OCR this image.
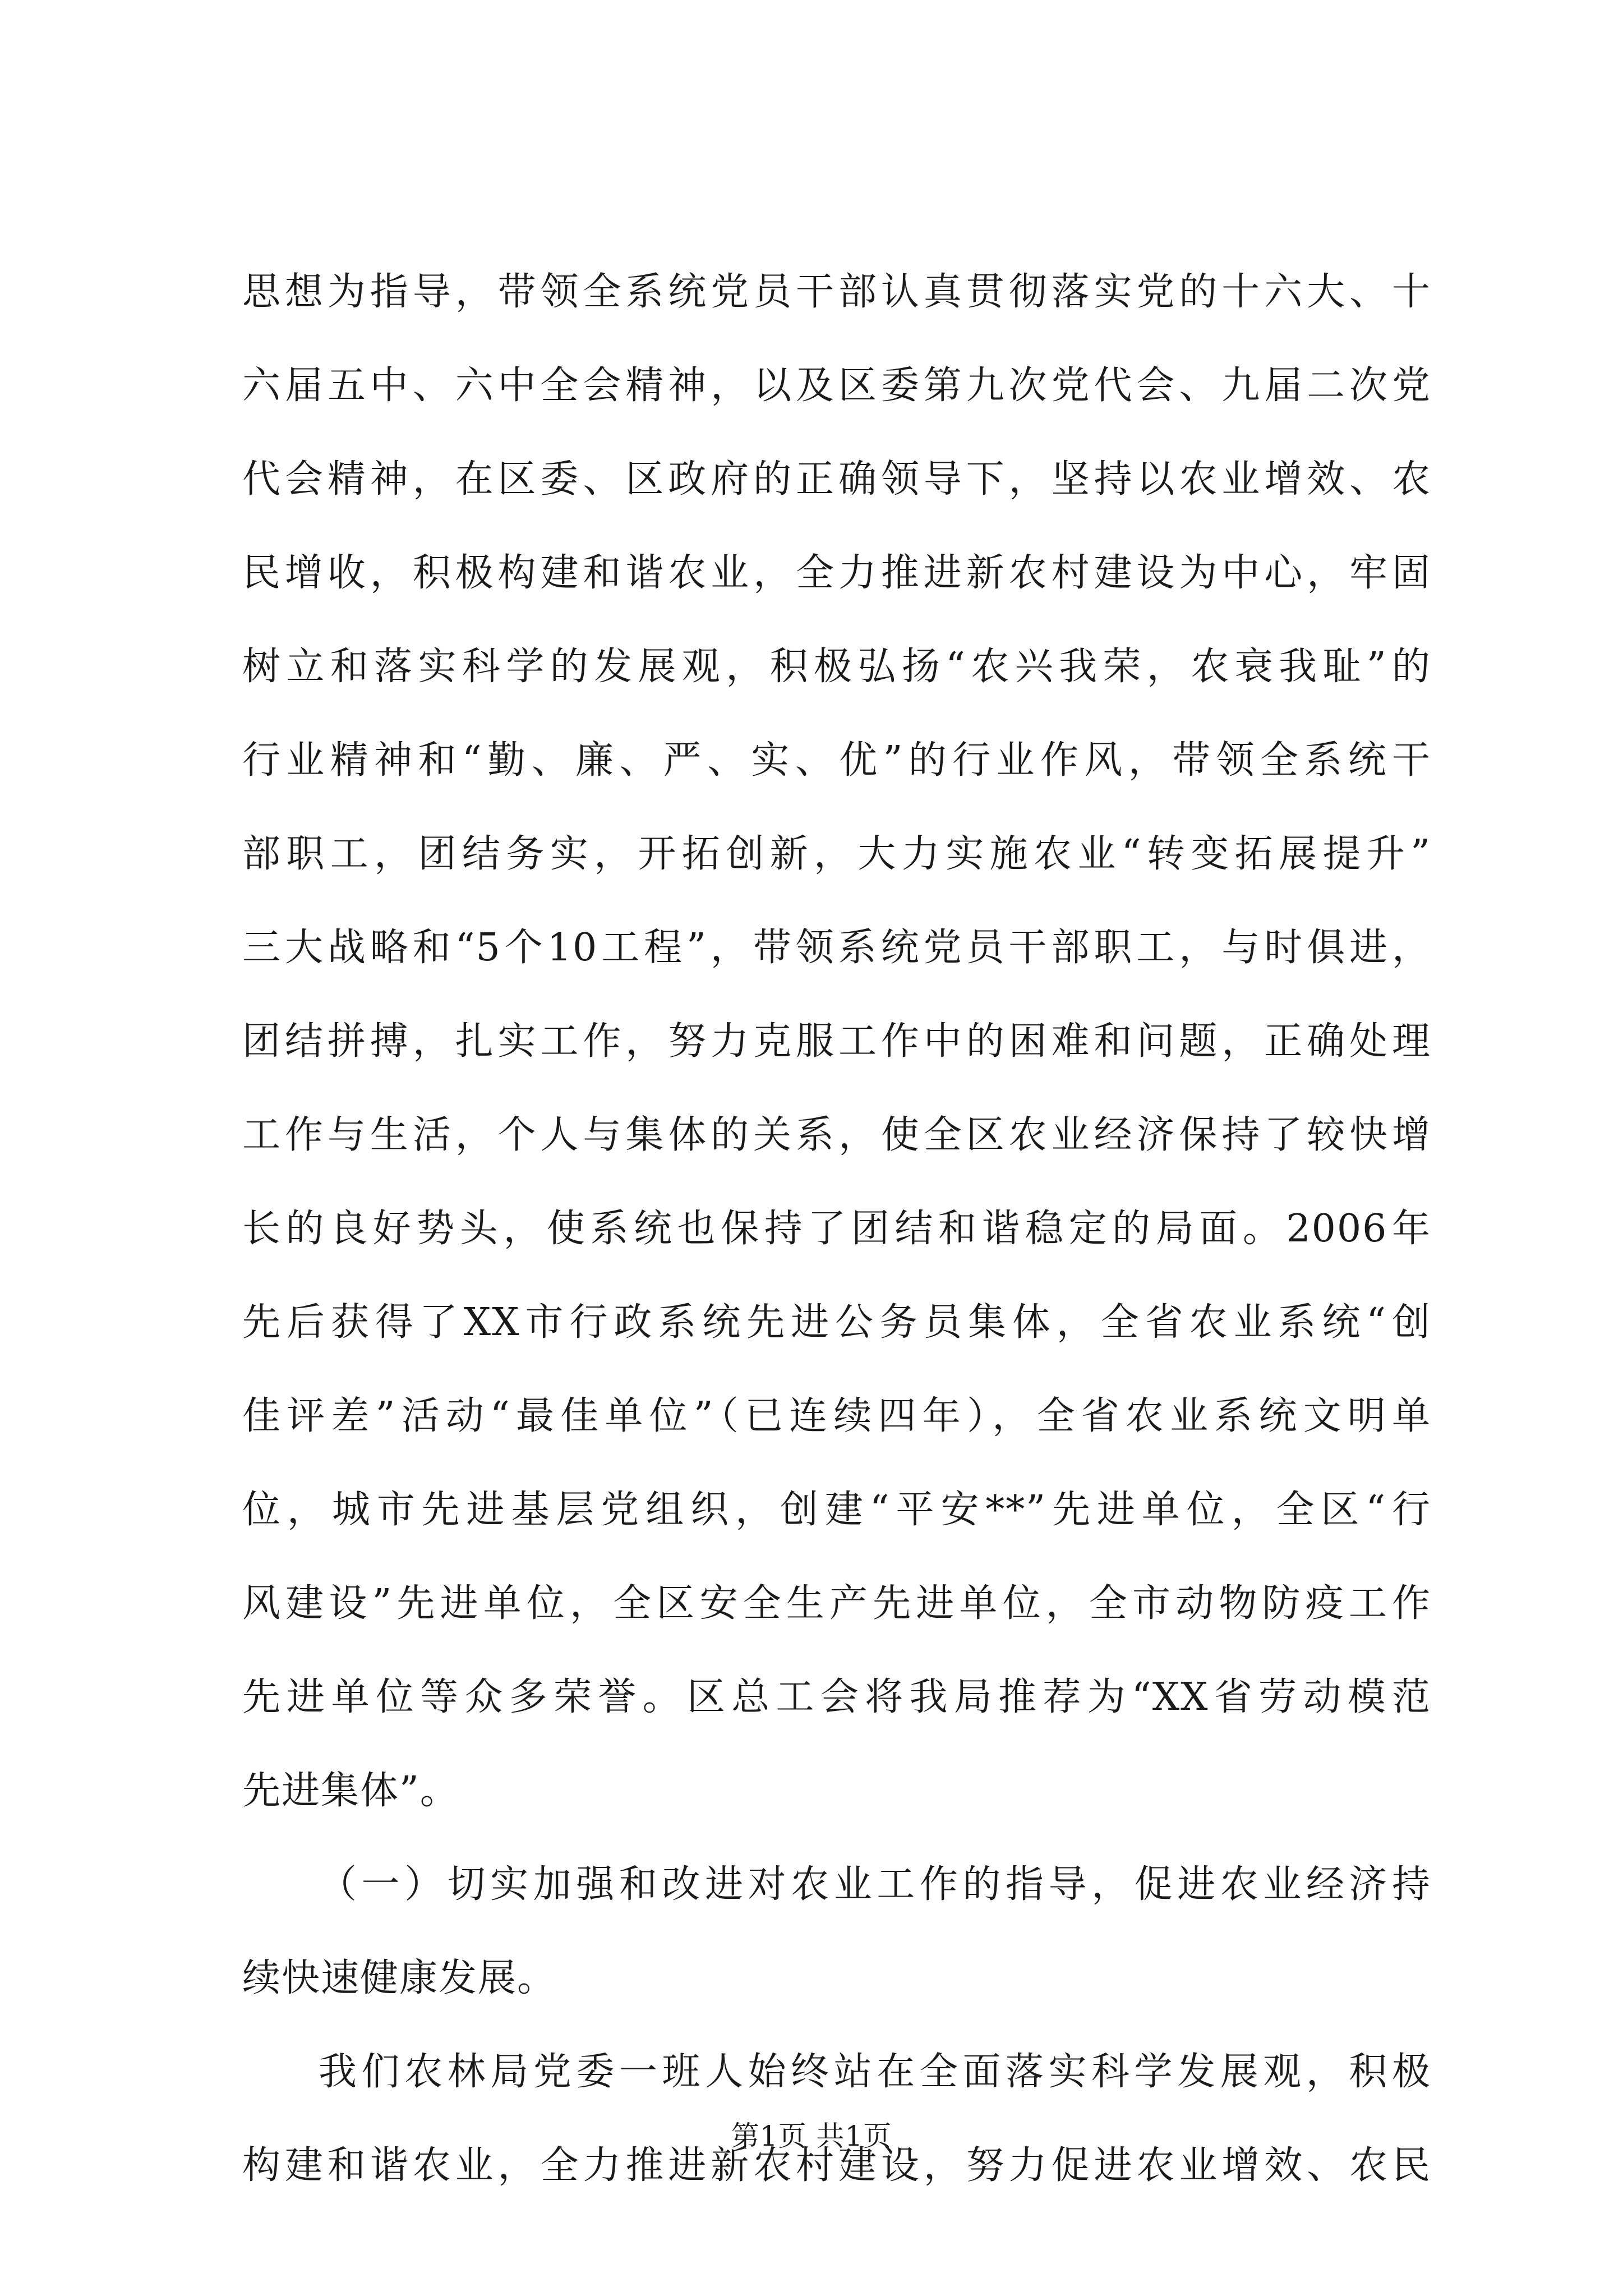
思想为指导，带领全系统党员干部认真贯彻落实党的十六大、十
六届五中、六中全会精神，以及区委第九次党代会、九届二次党
代会精神，在区委、区政府的正确领导下，坚持以农业增效、农
民增收，积极构建和谐农业，全力推进新农村建设为中心，牢固
树立和落实科学的发展观，积极弘扬“农兴我荣，农衰我耻”的
行业精神和“勤、廉、严、实、优”的行业作风，带领全系统干
部职工，团结务实，开拓创新，大力实施农业“转变拓展提升”
三大战略和“5个10工程”，带领系统党员干部职工，与时俱进，
团结拼搏，扎实工作，努力克服工作中的困难和问题，正确处理
工作与生活，个人与集体的关系，使全区农业经济保持了较快增
长的良好势头，使系统也保持了团结和谐稳定的局面。2006年
先后获得了XX市行政系统先进公务员集体，全省农业系统“创
佳评差”活动“最佳单位”（已连续四年），全省农业系统文明单
位，城市先进基层党组织，创建“平安**”先进单位，全区“行
风建设”先进单位，全区安全生产先进单位，全市动物防疫工作
先进单位等众多荣誉。区总工会将我局推荐为“XX省劳动模范
先进集体”。
（一）切实加强和改进对农业工作的指导，促进农业经济持
续快速健康发展。
我们农林局党委一班人始终站在全面落实科学发展观，积极
构建和谐农业，全力推进新农村建设，努力促进农业增效、农民
第1页 共1页
